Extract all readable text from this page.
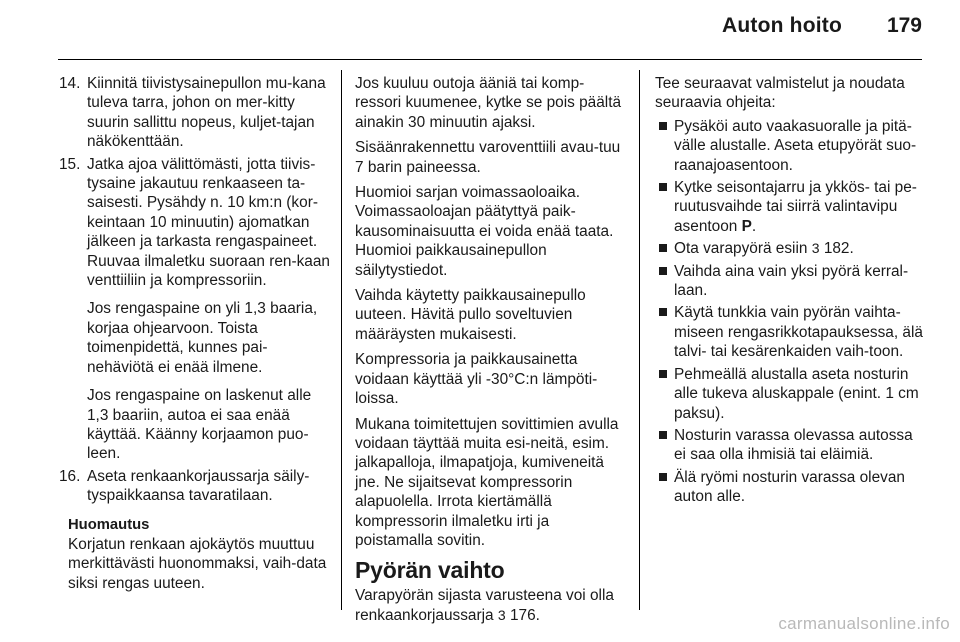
Auton hoito 179
14. Kiinnitä tiivistysainepullon mu-kana tuleva tarra, johon on mer-kitty suurin sallittu nopeus, kuljet-tajan näkökenttään.

15. Jatka ajoa välittömästi, jotta tiivis-tysaine jakautuu renkaaseen ta-saisesti. Pysähdy n. 10 km:n (kor-keintaan 10 minuutin) ajomatkan jälkeen ja tarkasta rengaspaineet. Ruuvaa ilmaletku suoraan ren-kaan venttiiliin ja kompressoriin.

Jos rengaspaine on yli 1,3 baaria, korjaa ohjearvoon. Toista toimenpidettä, kunnes pai-nehäviötä ei enää ilmene.

Jos rengaspaine on laskenut alle 1,3 baariin, autoa ei saa enää käyttää. Käänny korjaamon puo-leen.

16. Aseta renkaankorjaussarja säily-tyspaikkaansa tavaratilaan.

Huomautus

Korjatun renkaan ajokäytös muuttuu merkittävästi huonommaksi, vaih-data siksi rengas uuteen.

Jos kuuluu outoja ääniä tai komp-ressori kuumenee, kytke se pois päältä ainakin 30 minuutin ajaksi.

Sisäänrakennettu varoventtiili avau-tuu 7 barin paineessa.

Huomioi sarjan voimassaoloaika. Voimassaoloajan päätyttyä paik-kausominaisuutta ei voida enää taata. Huomioi paikkausainepullon säilytystiedot.

Vaihda käytetty paikkausainepullo uuteen. Hävitä pullo soveltuvien määräysten mukaisesti.

Kompressoria ja paikkausainetta voidaan käyttää yli -30°C:n lämpöti-loissa.

Mukana toimitettujen sovittimien avulla voidaan täyttää muita esi-neitä, esim. jalkapalloja, ilmapatjoja, kumiveneitä jne. Ne sijaitsevat kompressorin alapuolella. Irrota kiertämällä kompressorin ilmaletku irti ja poistamalla sovitin.

Pyörän vaihto

Varapyörän sijasta varusteena voi olla renkaankorjaussarja 3 176.

Tee seuraavat valmistelut ja noudata seuraavia ohjeita:

Pysäköi auto vaakasuoralle ja pitä-välle alustalle. Aseta etupyörät suo-raanajoasentoon.
Kytke seisontajarru ja ykkös- tai pe-ruutusvaihde tai siirrä valintavipu asentoon P.
Ota varapyörä esiin 3 182.
Vaihda aina vain yksi pyörä kerral-laan.
Käytä tunkkia vain pyörän vaihta-miseen rengasrikkotapauksessa, älä talvi- tai kesärenkaiden vaih-toon.
Pehmeällä alustalla aseta nosturin alle tukeva aluskappale (enint. 1 cm paksu).
Nosturin varassa olevassa autossa ei saa olla ihmisiä tai eläimiä.
Älä ryömi nosturin varassa olevan auton alle.
carmanualsonline.info
